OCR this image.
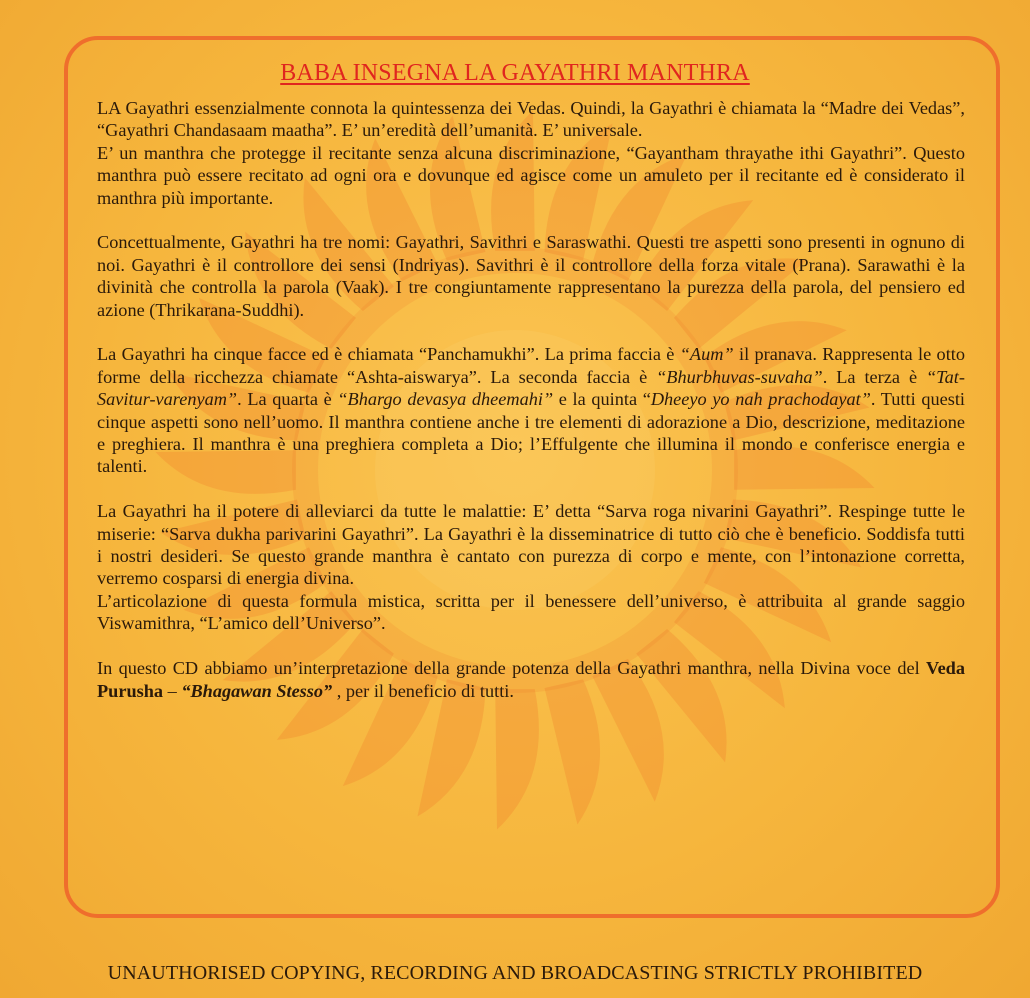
BABA INSEGNA LA GAYATHRI MANTHRA

LA Gayathri essenzialmente connota la quintessenza dei Vedas. Quindi, la Gayathri è chiamata la “Madre dei Vedas”, “Gayathri Chandasaam maatha”. E’ un’eredità dell’umanità. E’ universale.

E’ un manthra che protegge il recitante senza alcuna discriminazione, “Gayantham thrayathe ithi Gayathri”. Questo manthra può essere recitato ad ogni ora e dovunque ed agisce come un amuleto per il recitante ed è considerato il manthra più importante.

Concettualmente, Gayathri ha tre nomi: Gayathri, Savithri e Saraswathi. Questi tre aspetti sono presenti in ognuno di noi. Gayathri è il controllore dei sensi (Indriyas). Savithri è il controllore della forza vitale (Prana). Sarawathi è la divinità che controlla la parola (Vaak). I tre congiuntamente rappresentano la purezza della parola, del pensiero ed azione (Thrikarana-Suddhi).

La Gayathri ha cinque facce ed è chiamata “Panchamukhi”. La prima faccia è “Aum” il pranava. Rappresenta le otto forme della ricchezza chiamate “Ashta-aiswarya”. La seconda faccia è “Bhurbhuvas-suvaha”. La terza è “Tat-Savitur-varenyam”. La quarta è “Bhargo devasya dheemahi” e la quinta “Dheeyo yo nah prachodayat”. Tutti questi cinque aspetti sono nell’uomo. Il manthra contiene anche i tre elementi di adorazione a Dio, descrizione, meditazione e preghiera. Il manthra è una preghiera completa a Dio; l’Effulgente che illumina il mondo e conferisce energia e talenti.

La Gayathri ha il potere di alleviarci da tutte le malattie: E’ detta “Sarva roga nivarini Gayathri”. Respinge tutte le miserie: “Sarva dukha parivarini Gayathri”. La Gayathri è la disseminatrice di tutto ciò che è beneficio. Soddisfa tutti i nostri desideri. Se questo grande manthra è cantato con purezza di corpo e mente, con l’intonazione corretta, verremo cosparsi di energia divina.

L’articolazione di questa formula mistica, scritta per il benessere dell’universo, è attribuita al grande saggio Viswamithra, “L’amico dell’Universo”.

In questo CD abbiamo un’interpretazione della grande potenza della Gayathri manthra, nella Divina voce del Veda Purusha – “Bhagawan Stesso” , per il beneficio di tutti.

UNAUTHORISED COPYING, RECORDING AND BROADCASTING STRICTLY PROHIBITED
